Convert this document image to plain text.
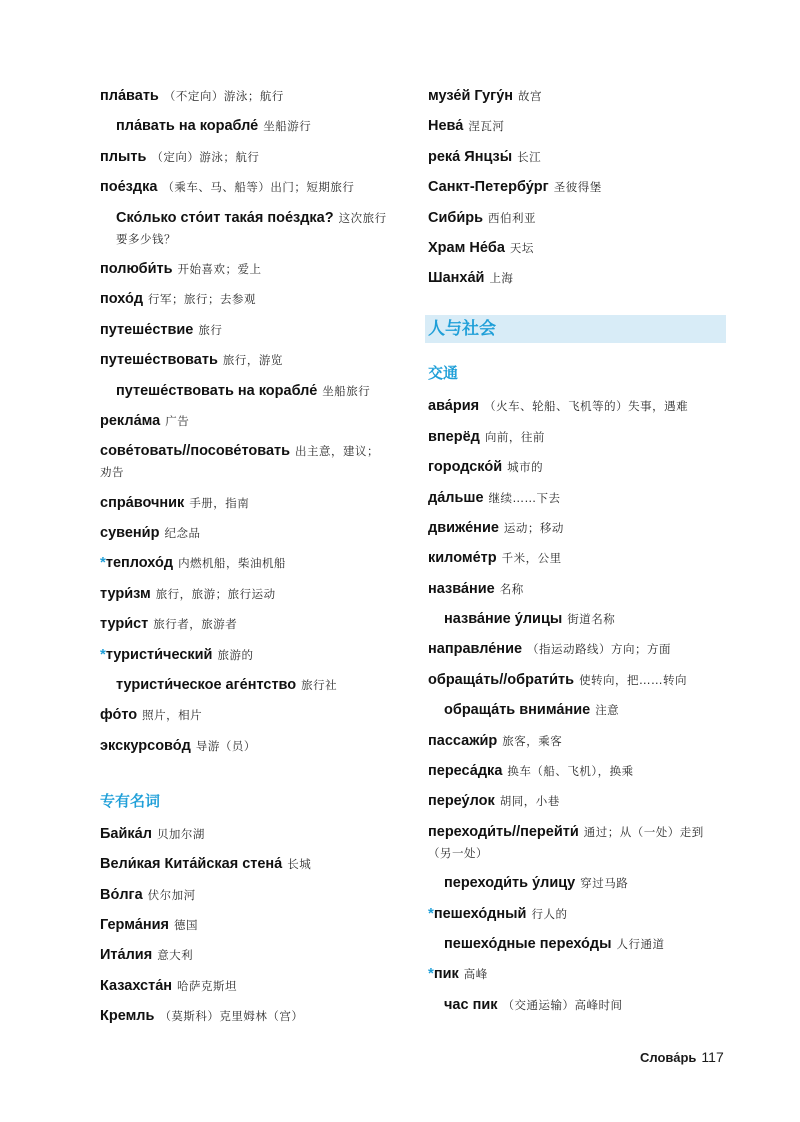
пла́вать （不定向）游泳；航行
пла́вать на корабле́ 坐船游行
плыть （定向）游泳；航行
пое́здка （乘车、马、船等）出门；短期旅行
Ско́лько сто́ит така́я пое́здка? 这次旅行要多少钱？
полюби́ть 开始喜欢；爱上
похо́д 行军；旅行；去参观
путеше́ствие 旅行
путеше́ствовать 旅行，游览
путеше́ствовать на корабле́ 坐船旅行
рекла́ма 广告
сове́товать//посове́товать 出主意，建议；劝告
спра́вочник 手册，指南
сувени́р 纪念品
*теплохо́д 内燃机船，柴油机船
тури́зм 旅行，旅游；旅行运动
тури́ст 旅行者，旅游者
*туристи́ческий 旅游的
туристи́ческое аге́нтство 旅行社
фо́то 照片，相片
экскурсово́д 导游（员）
专有名词
Байка́л 贝加尔湖
Вели́кая Кита́йская стена́ 长城
Во́лга 伏尔加河
Герма́ния 德国
Ита́лия 意大利
Казахста́н 哈萨克斯坦
Кремль （莫斯科）克里姆林（宫）
музе́й Гугу́н 故宫
Нева́ 涅瓦河
река́ Янцзы́ 长江
Санкт-Петербу́рг 圣彼得堡
Сиби́рь 西伯利亚
Храм Не́ба 天坛
Шанха́й 上海
人与社会
交通
ава́рия （火车、轮船、飞机等的）失事，遇难
вперёд 向前，往前
городско́й 城市的
да́льше 继续……下去
движе́ние 运动；移动
киломе́тр 千米，公里
назва́ние 名称
назва́ние у́лицы 街道名称
направле́ние （指运动路线）方向；方面
обраща́ть//обрати́ть 使转向，把……转向
обраща́ть внима́ние 注意
пассажи́р 旅客，乘客
переса́дка 换车（船、飞机），换乘
переу́лок 胡同，小巷
переходи́ть//перейти́ 通过；从（一处）走到（另一处）
переходи́ть у́лицу 穿过马路
*пешехо́дный 行人的
пешехо́дные перехо́ды 人行通道
*пик 高峰
час пик （交通运输）高峰时间
Слова́рь 117
